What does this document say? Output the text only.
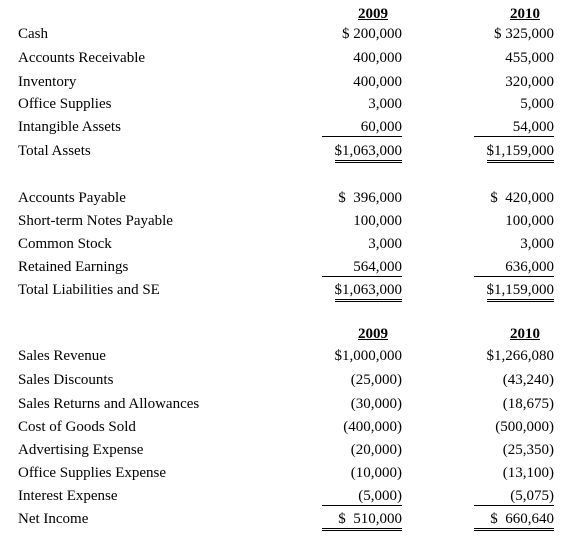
2009	2010
Cash	$ 200,000	$ 325,000
Accounts Receivable	400,000	455,000
Inventory	400,000	320,000
Office Supplies	3,000	5,000
Intangible Assets	60,000	54,000
Total Assets	$1,063,000	$1,159,000
Accounts Payable	$  396,000	$  420,000
Short-term Notes Payable	100,000	100,000
Common Stock	3,000	3,000
Retained Earnings	564,000	636,000
Total Liabilities and SE	$1,063,000	$1,159,000
2009	2010
Sales Revenue	$1,000,000	$1,266,080
Sales Discounts	(25,000)	(43,240)
Sales Returns and Allowances	(30,000)	(18,675)
Cost of Goods Sold	(400,000)	(500,000)
Advertising Expense	(20,000)	(25,350)
Office Supplies Expense	(10,000)	(13,100)
Interest Expense	(5,000)	(5,075)
Net Income	$  510,000	$  660,640
